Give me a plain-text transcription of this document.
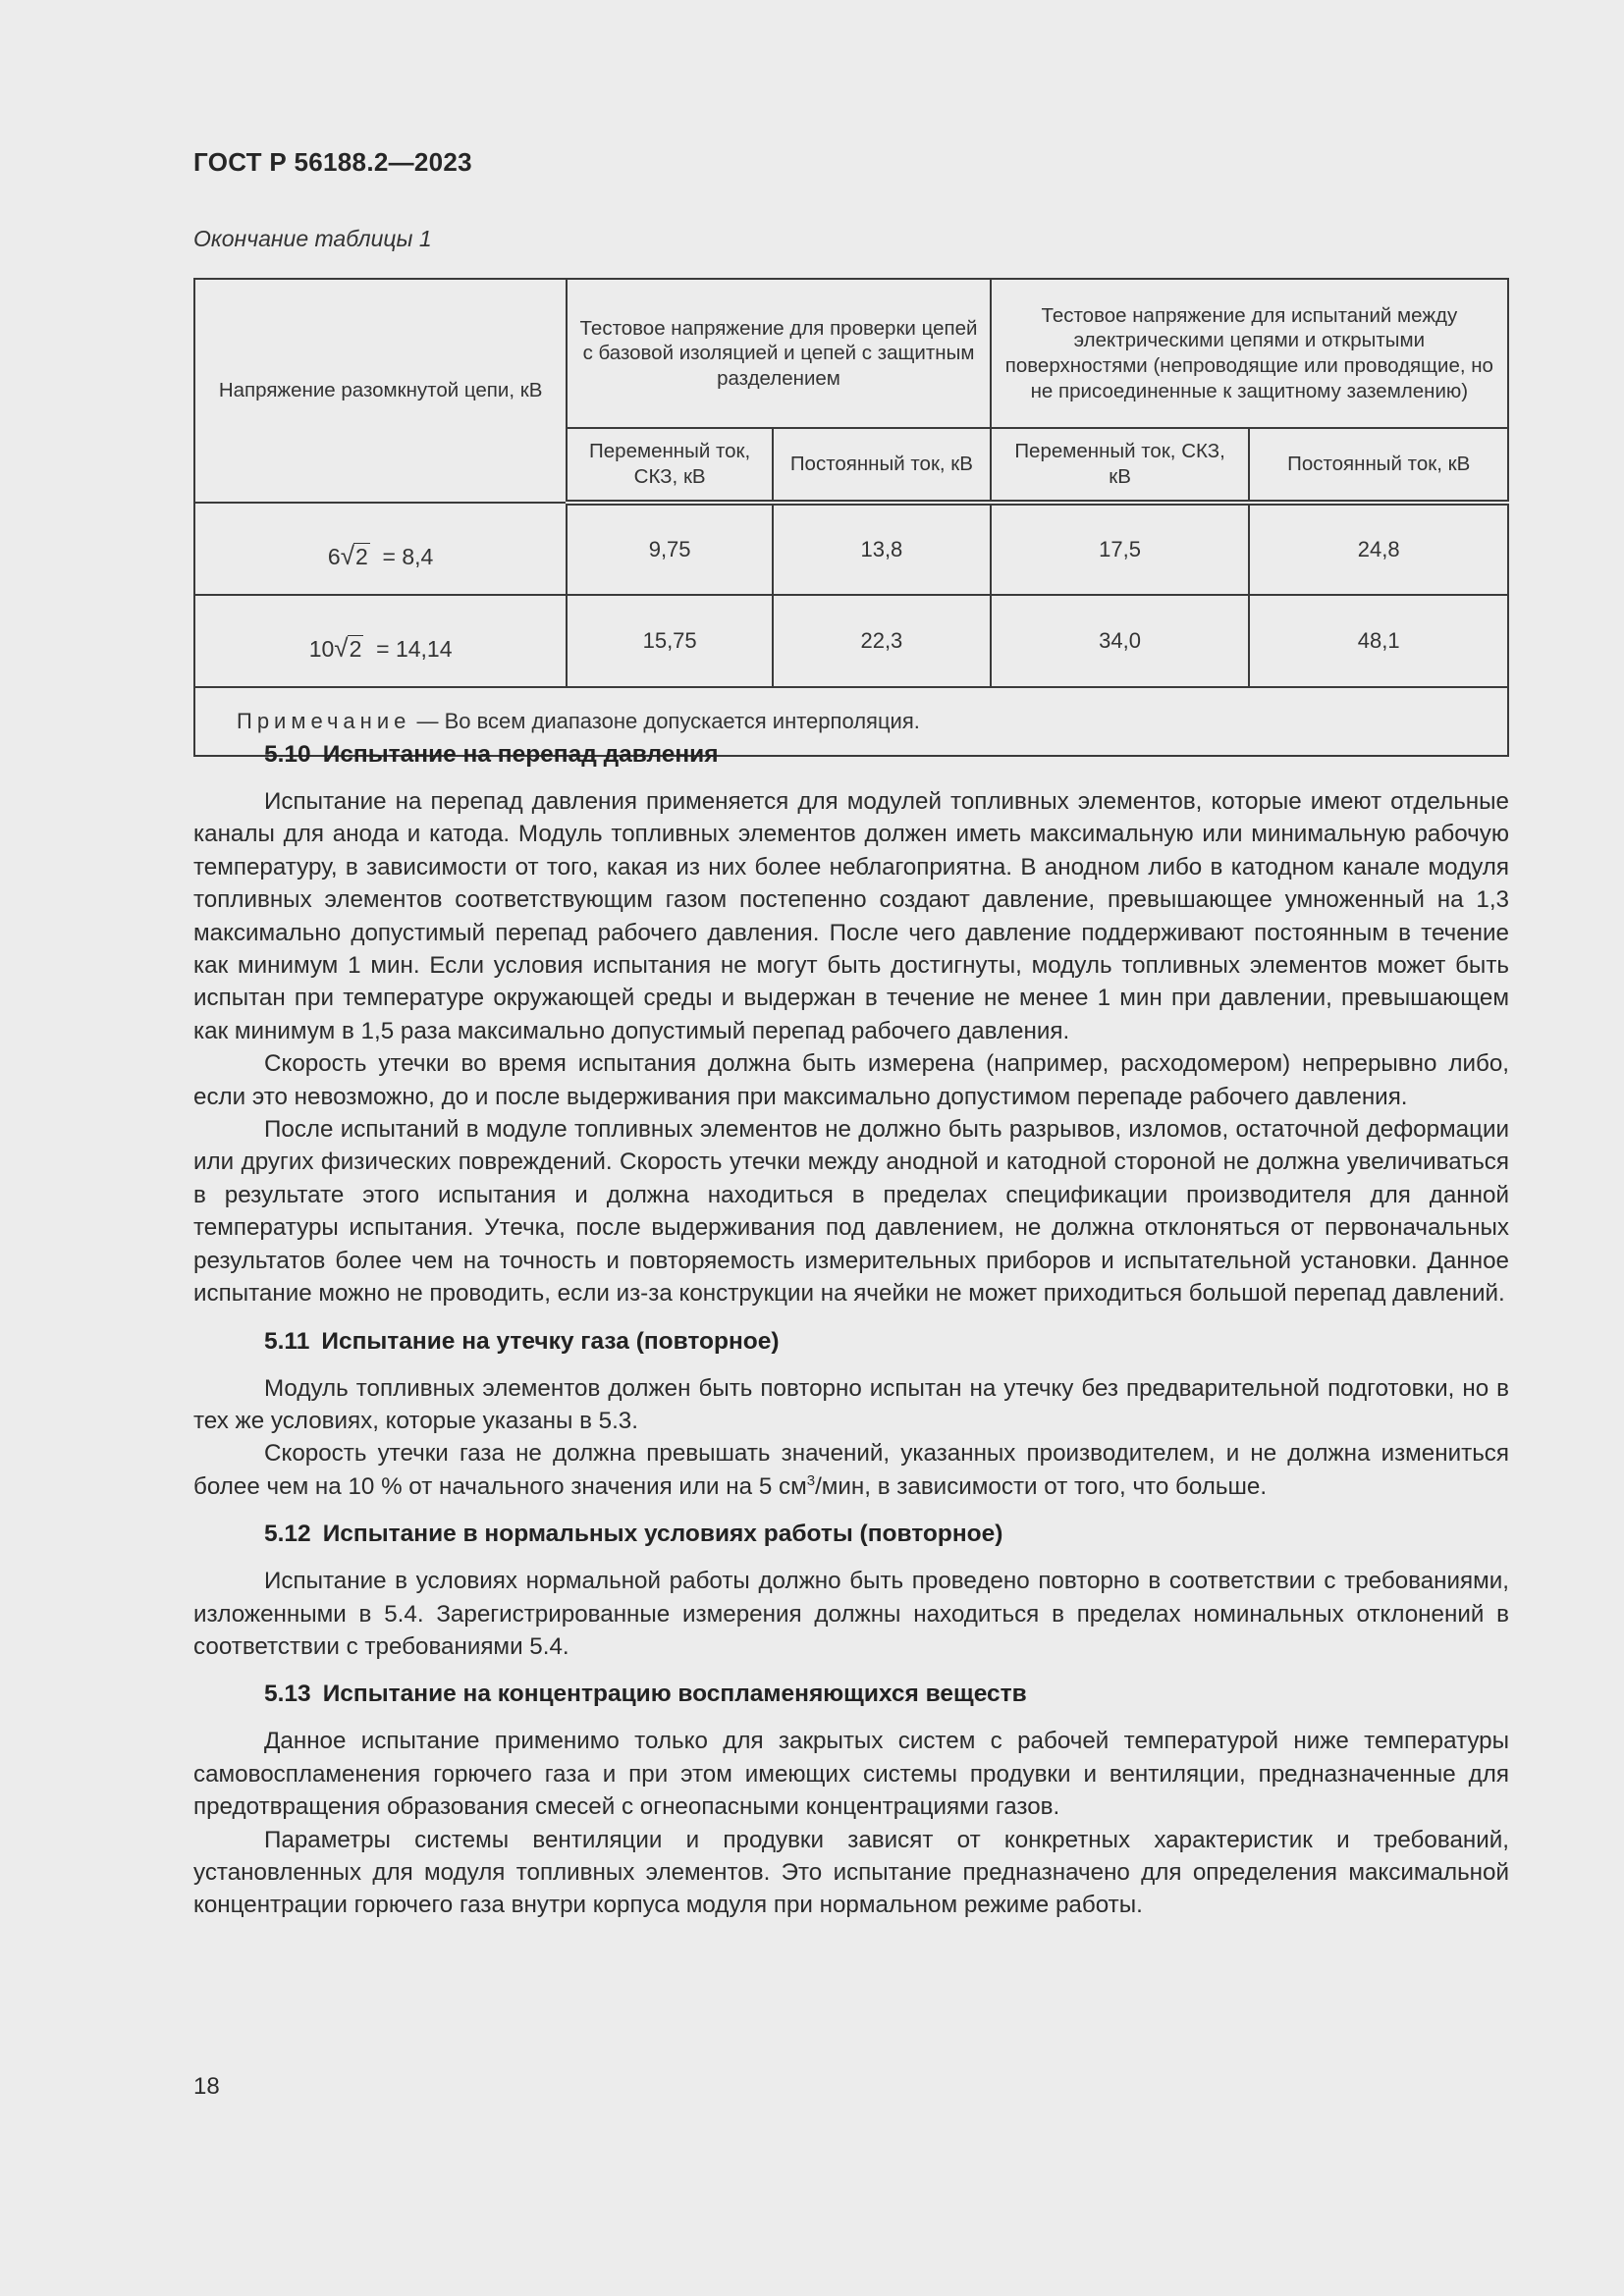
ГОСТ Р 56188.2—2023
Окончание таблицы 1
Напряжение разомкнутой цепи, кВ	Тестовое напряжение для проверки цепей с базовой изоляцией и цепей с защитным разделением		Тестовое напряжение для испытаний между электрическими цепями и открытыми поверхностями (непроводящие или проводящие, но не присоединенные к защитному заземлению)	
	Переменный ток, СКЗ, кВ	Постоянный ток, кВ	Переменный ток, СКЗ, кВ	Постоянный ток, кВ
6√2 = 8,4	9,75	13,8	17,5	24,8
10√2 = 14,14	15,75	22,3	34,0	48,1
Примечание — Во всем диапазоне допускается интерполяция.				
5.10 Испытание на перепад давления

Испытание на перепад давления применяется для модулей топливных элементов, которые имеют отдельные каналы для анода и катода. Модуль топливных элементов должен иметь максимальную или минимальную рабочую температуру, в зависимости от того, какая из них более неблагоприятна. В анодном либо в катодном канале модуля топливных элементов соответствующим газом постепенно создают давление, превышающее умноженный на 1,3 максимально допустимый перепад рабочего давления. После чего давление поддерживают постоянным в течение как минимум 1 мин. Если условия испытания не могут быть достигнуты, модуль топливных элементов может быть испытан при температуре окружающей среды и выдержан в течение не менее 1 мин при давлении, превышающем как минимум в 1,5 раза максимально допустимый перепад рабочего давления.

Скорость утечки во время испытания должна быть измерена (например, расходомером) непрерывно либо, если это невозможно, до и после выдерживания при максимально допустимом перепаде рабочего давления.

После испытаний в модуле топливных элементов не должно быть разрывов, изломов, остаточной деформации или других физических повреждений. Скорость утечки между анодной и катодной стороной не должна увеличиваться в результате этого испытания и должна находиться в пределах спецификации производителя для данной температуры испытания. Утечка, после выдерживания под давлением, не должна отклоняться от первоначальных результатов более чем на точность и повторяемость измерительных приборов и испытательной установки. Данное испытание можно не проводить, если из-за конструкции на ячейки не может приходиться большой перепад давлений.

5.11 Испытание на утечку газа (повторное)

Модуль топливных элементов должен быть повторно испытан на утечку без предварительной подготовки, но в тех же условиях, которые указаны в 5.3.

Скорость утечки газа не должна превышать значений, указанных производителем, и не должна измениться более чем на 10 % от начального значения или на 5 $см^3$/мин, в зависимости от того, что больше.

5.12 Испытание в нормальных условиях работы (повторное)

Испытание в условиях нормальной работы должно быть проведено повторно в соответствии с требованиями, изложенными в 5.4. Зарегистрированные измерения должны находиться в пределах номинальных отклонений в соответствии с требованиями 5.4.

5.13 Испытание на концентрацию воспламеняющихся веществ

Данное испытание применимо только для закрытых систем с рабочей температурой ниже температуры самовоспламенения горючего газа и при этом имеющих системы продувки и вентиляции, предназначенные для предотвращения образования смесей с огнеопасными концентрациями газов.

Параметры системы вентиляции и продувки зависят от конкретных характеристик и требований, установленных для модуля топливных элементов. Это испытание предназначено для определения максимальной концентрации горючего газа внутри корпуса модуля при нормальном режиме работы.

18
